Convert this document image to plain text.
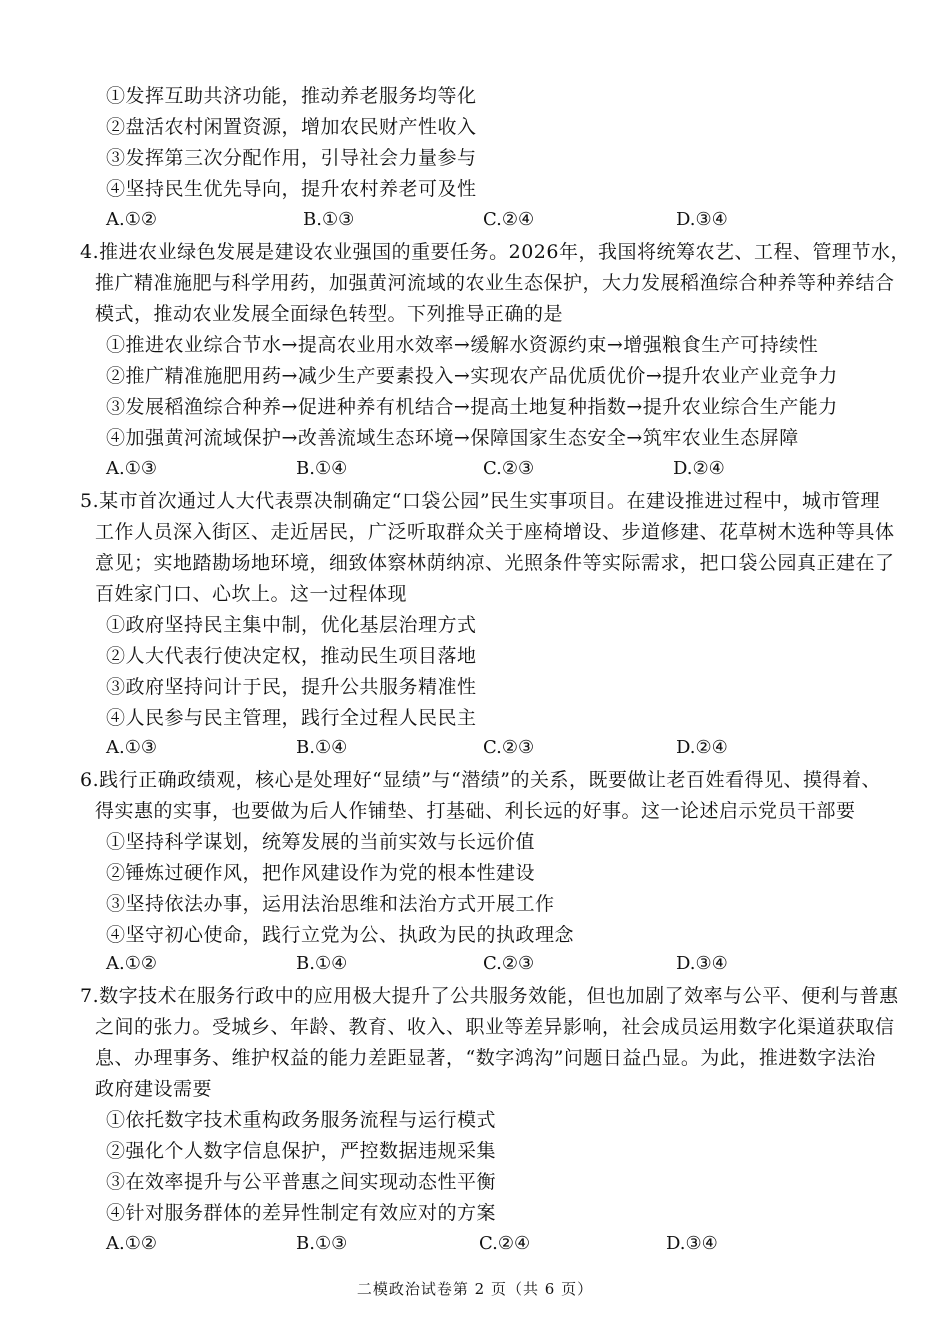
①发挥互助共济功能，推动养老服务均等化
②盘活农村闲置资源，增加农民财产性收入
③发挥第三次分配作用，引导社会力量参与
④坚持民生优先导向，提升农村养老可及性
A.①②	B.①③	C.②④	D.③④
4.推进农业绿色发展是建设农业强国的重要任务。2026年，我国将统筹农艺、工程、管理节水，
推广精准施肥与科学用药，加强黄河流域的农业生态保护，大力发展稻渔综合种养等种养结合
模式，推动农业发展全面绿色转型。下列推导正确的是
①推进农业综合节水→提高农业用水效率→缓解水资源约束→增强粮食生产可持续性
②推广精准施肥用药→减少生产要素投入→实现农产品优质优价→提升农业产业竞争力
③发展稻渔综合种养→促进种养有机结合→提高土地复种指数→提升农业综合生产能力
④加强黄河流域保护→改善流域生态环境→保障国家生态安全→筑牢农业生态屏障
A.①③	B.①④	C.②③	D.②④
5.某市首次通过人大代表票决制确定“口袋公园”民生实事项目。在建设推进过程中，城市管理
工作人员深入街区、走近居民，广泛听取群众关于座椅增设、步道修建、花草树木选种等具体
意见；实地踏勘场地环境，细致体察林荫纳凉、光照条件等实际需求，把口袋公园真正建在了
百姓家门口、心坎上。这一过程体现
①政府坚持民主集中制，优化基层治理方式
②人大代表行使决定权，推动民生项目落地
③政府坚持问计于民，提升公共服务精准性
④人民参与民主管理，践行全过程人民民主
A.①③	B.①④	C.②③	D.②④
6.践行正确政绩观，核心是处理好“显绩”与“潜绩”的关系，既要做让老百姓看得见、摸得着、
得实惠的实事，也要做为后人作铺垫、打基础、利长远的好事。这一论述启示党员干部要
①坚持科学谋划，统筹发展的当前实效与长远价值
②锤炼过硬作风，把作风建设作为党的根本性建设
③坚持依法办事，运用法治思维和法治方式开展工作
④坚守初心使命，践行立党为公、执政为民的执政理念
A.①②	B.①④	C.②③	D.③④
7.数字技术在服务行政中的应用极大提升了公共服务效能，但也加剧了效率与公平、便利与普惠
之间的张力。受城乡、年龄、教育、收入、职业等差异影响，社会成员运用数字化渠道获取信
息、办理事务、维护权益的能力差距显著，“数字鸿沟”问题日益凸显。为此，推进数字法治
政府建设需要
①依托数字技术重构政务服务流程与运行模式
②强化个人数字信息保护，严控数据违规采集
③在效率提升与公平普惠之间实现动态性平衡
④针对服务群体的差异性制定有效应对的方案
A.①②	B.①③	C.②④	D.③④
二模政治试卷第 2 页（共 6 页）
